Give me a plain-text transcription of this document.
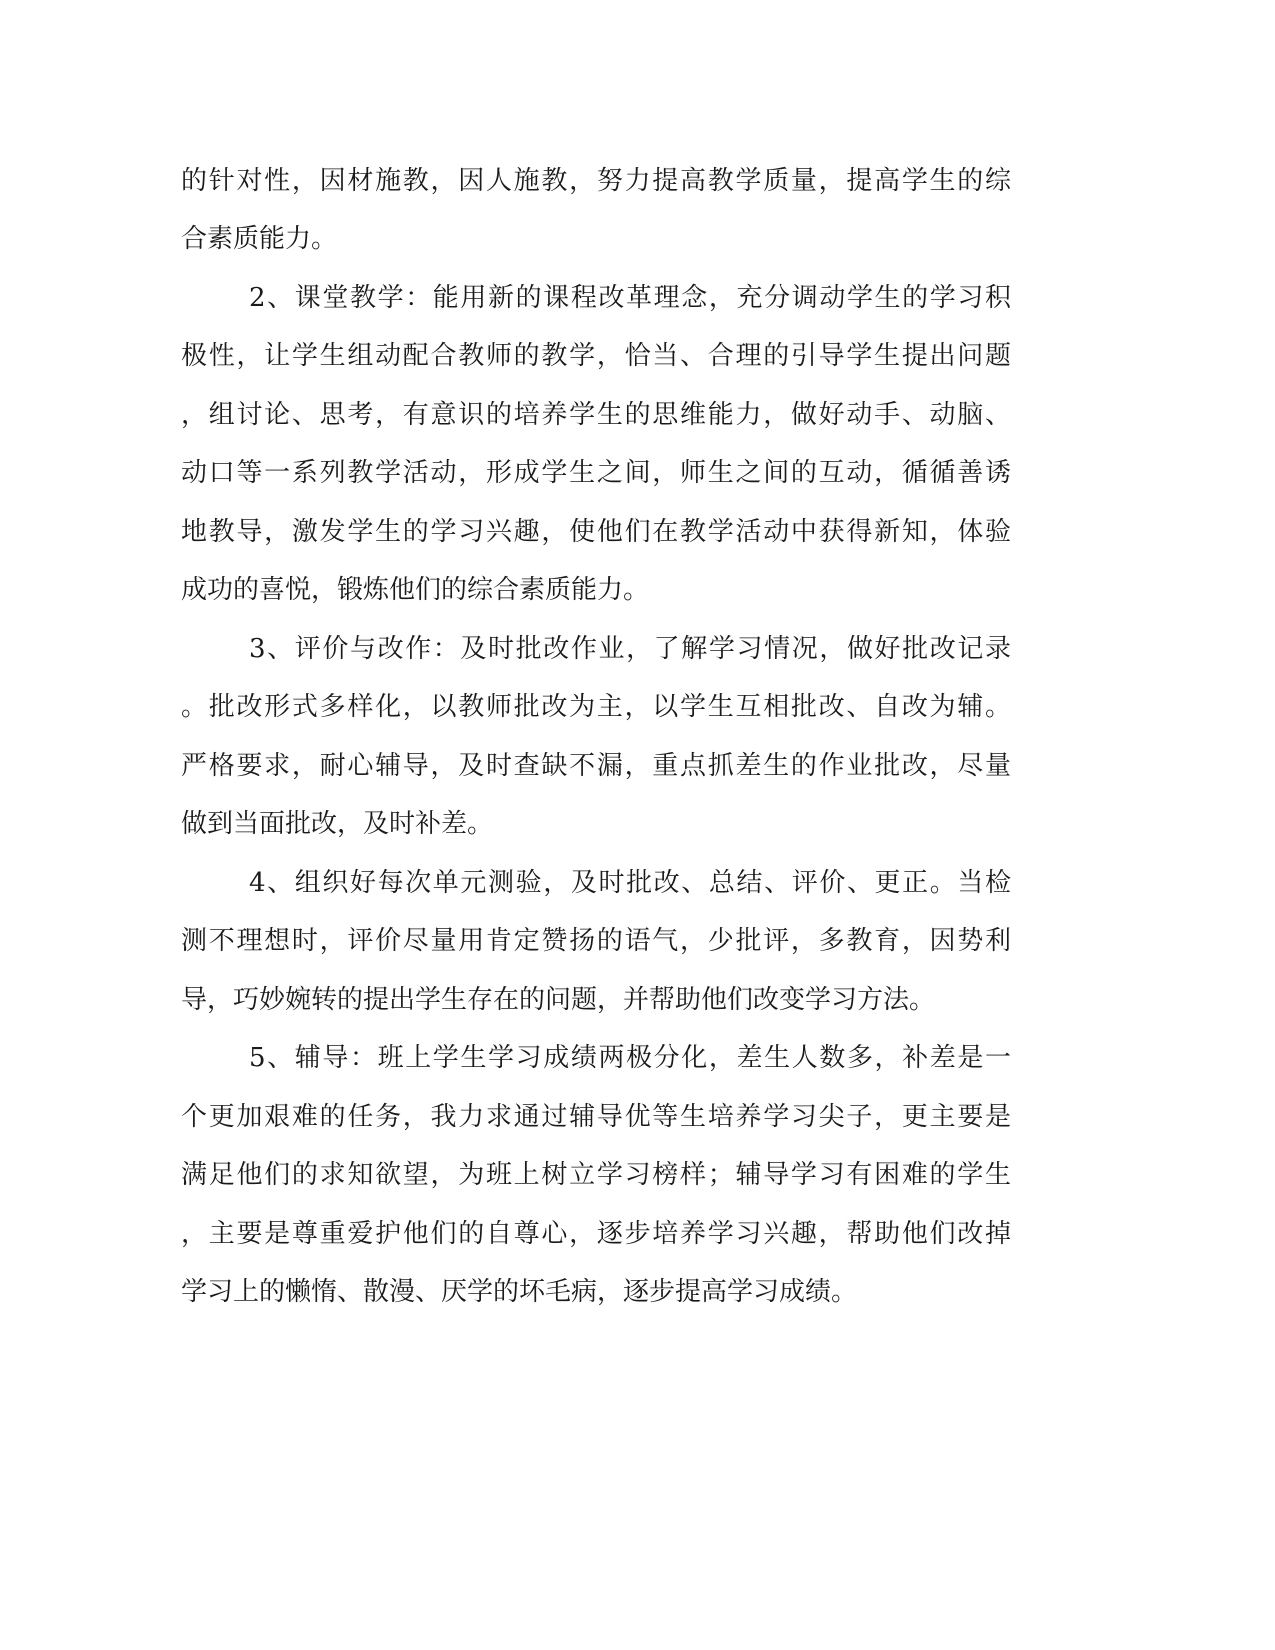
的针对性，因材施教，因人施教，努力提高教学质量，提高学生的综
合素质能力。
2、课堂教学：能用新的课程改革理念，充分调动学生的学习积
极性，让学生组动配合教师的教学，恰当、合理的引导学生提出问题
，组讨论、思考，有意识的培养学生的思维能力，做好动手、动脑、
动口等一系列教学活动，形成学生之间，师生之间的互动，循循善诱
地教导，激发学生的学习兴趣，使他们在教学活动中获得新知，体验
成功的喜悦，锻炼他们的综合素质能力。
3、评价与改作：及时批改作业，了解学习情况，做好批改记录
。批改形式多样化，以教师批改为主，以学生互相批改、自改为辅。
严格要求，耐心辅导，及时查缺不漏，重点抓差生的作业批改，尽量
做到当面批改，及时补差。
4、组织好每次单元测验，及时批改、总结、评价、更正。当检
测不理想时，评价尽量用肯定赞扬的语气，少批评，多教育，因势利
导，巧妙婉转的提出学生存在的问题，并帮助他们改变学习方法。
5、辅导：班上学生学习成绩两极分化，差生人数多，补差是一
个更加艰难的任务，我力求通过辅导优等生培养学习尖子，更主要是
满足他们的求知欲望，为班上树立学习榜样；辅导学习有困难的学生
，主要是尊重爱护他们的自尊心，逐步培养学习兴趣，帮助他们改掉
学习上的懒惰、散漫、厌学的坏毛病，逐步提高学习成绩。
